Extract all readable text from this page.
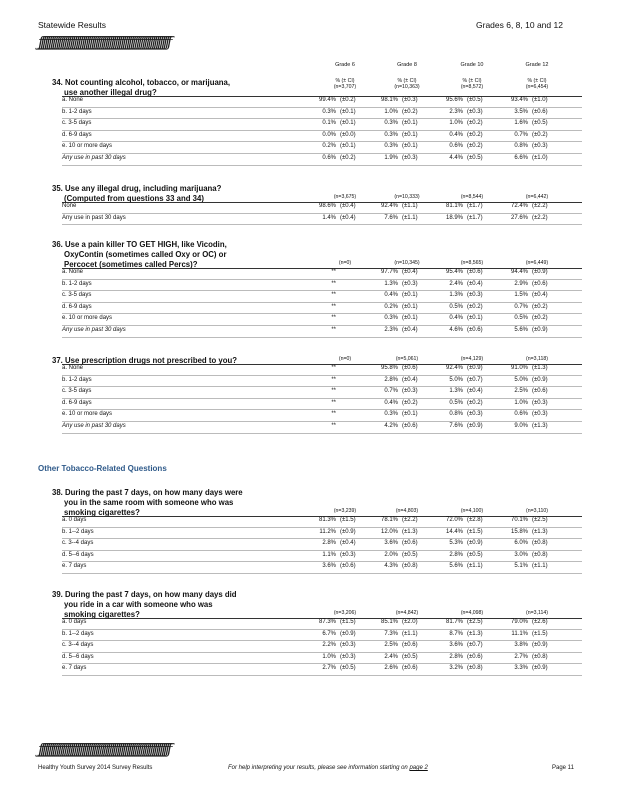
Statewide Results	Grades 6, 8, 10 and 12
ƒƒƒƒƒƒƒƒƒƒƒƒƒƒƒƒƒƒƒƒƒƒƒƒƒƒƒƒƒƒƒƒƒƒƒƒƒƒƒƒƒƒƒƒƒƒƒƒƒƒƒƒƒƒƒƒƒƒƒƒƒƒƒƒƒƒƒ
Grade 6	Grade 8	Grade 10	Grade 12
34. Not counting alcohol, tobacco, or marijuana,
use another illegal drug?
% (± CI)	% (± CI)	% (± CI)	% (± CI)
(n=3,707)	(n=10,363)	(n=8,572)	(n=6,454)
a. None	99.4% (±0.2)	98.1% (±0.3)	95.6% (±0.5)	93.4% (±1.0)
b. 1-2 days	0.3% (±0.1)	1.0% (±0.2)	2.3% (±0.3)	3.5% (±0.6)
c. 3-5 days	0.1% (±0.1)	0.3% (±0.1)	1.0% (±0.2)	1.6% (±0.5)
d. 6-9 days	0.0% (±0.0)	0.3% (±0.1)	0.4% (±0.2)	0.7% (±0.2)
e. 10 or more days	0.2% (±0.1)	0.3% (±0.1)	0.6% (±0.2)	0.8% (±0.3)
Any use in past 30 days	0.6% (±0.2)	1.9% (±0.3)	4.4% (±0.5)	6.6% (±1.0)
35. Use any illegal drug, including marijuana?
(Computed from questions 33 and 34)	(n=3,675)	(n=10,333)	(n=8,544)	(n=6,442)
None	98.6% (±0.4)	92.4% (±1.1)	81.1% (±1.7)	72.4% (±2.2)
Any use in past 30 days	1.4% (±0.4)	7.6% (±1.1)	18.9% (±1.7)	27.6% (±2.2)
36. Use a pain killer TO GET HIGH, like Vicodin,
OxyContin (sometimes called Oxy or OC) or
Percocet (sometimes called Percs)?	(n=0)	(n=10,345)	(n=8,565)	(n=6,449)
a. None	**	97.7% (±0.4)	95.4% (±0.6)	94.4% (±0.9)
b. 1-2 days	**	1.3% (±0.3)	2.4% (±0.4)	2.9% (±0.6)
c. 3-5 days	**	0.4% (±0.1)	1.3% (±0.3)	1.5% (±0.4)
d. 6-9 days	**	0.2% (±0.1)	0.5% (±0.2)	0.7% (±0.2)
e. 10 or more days	**	0.3% (±0.1)	0.4% (±0.1)	0.5% (±0.2)
Any use in past 30 days	**	2.3% (±0.4)	4.6% (±0.6)	5.6% (±0.9)
37. Use prescription drugs not prescribed to you?	(n=0)	(n=5,061)	(n=4,129)	(n=3,118)
a. None	**	95.8% (±0.6)	92.4% (±0.9)	91.0% (±1.3)
b. 1-2 days	**	2.8% (±0.4)	5.0% (±0.7)	5.0% (±0.9)
c. 3-5 days	**	0.7% (±0.3)	1.3% (±0.4)	2.5% (±0.6)
d. 6-9 days	**	0.4% (±0.2)	0.5% (±0.2)	1.0% (±0.3)
e. 10 or more days	**	0.3% (±0.1)	0.8% (±0.3)	0.6% (±0.3)
Any use in past 30 days	**	4.2% (±0.6)	7.6% (±0.9)	9.0% (±1.3)
38. During the past 7 days, on how many days were
you in the same room with someone who was
smoking cigarettes?	(n=3,239)	(n=4,803)	(n=4,100)	(n=3,110)
a. 0 days	81.3% (±1.5)	78.1% (±2.2)	72.0% (±2.8)	70.1% (±2.5)
b. 1--2 days	11.2% (±0.9)	12.0% (±1.3)	14.4% (±1.5)	15.8% (±1.3)
c. 3--4 days	2.8% (±0.4)	3.6% (±0.6)	5.3% (±0.9)	6.0% (±0.8)
d. 5--6 days	1.1% (±0.3)	2.0% (±0.5)	2.8% (±0.5)	3.0% (±0.8)
e. 7 days	3.6% (±0.6)	4.3% (±0.8)	5.6% (±1.1)	5.1% (±1.1)
39. During the past 7 days, on how many days did
you ride in a car with someone who was
smoking cigarettes?	(n=3,206)	(n=4,842)	(n=4,098)	(n=3,114)
a. 0 days	87.3% (±1.5)	85.1% (±2.0)	81.7% (±2.5)	79.0% (±2.6)
b. 1--2 days	6.7% (±0.9)	7.3% (±1.1)	8.7% (±1.3)	11.1% (±1.5)
c. 3--4 days	2.2% (±0.3)	2.5% (±0.6)	3.6% (±0.7)	3.8% (±0.9)
d. 5--6 days	1.0% (±0.3)	2.4% (±0.5)	2.8% (±0.6)	2.7% (±0.8)
e. 7 days	2.7% (±0.5)	2.6% (±0.6)	3.2% (±0.8)	3.3% (±0.9)
Other Tobacco-Related Questions
ƒƒƒƒƒƒƒƒƒƒƒƒƒƒƒƒƒƒƒƒƒƒƒƒƒƒƒƒƒƒƒƒƒƒƒƒƒƒƒƒƒƒƒƒƒƒƒƒƒƒƒƒƒƒƒƒƒƒƒƒƒƒƒƒƒƒƒ
Healthy Youth Survey 2014 Survey Results	For help interpreting your results, please see information starting on page 2	Page 11
